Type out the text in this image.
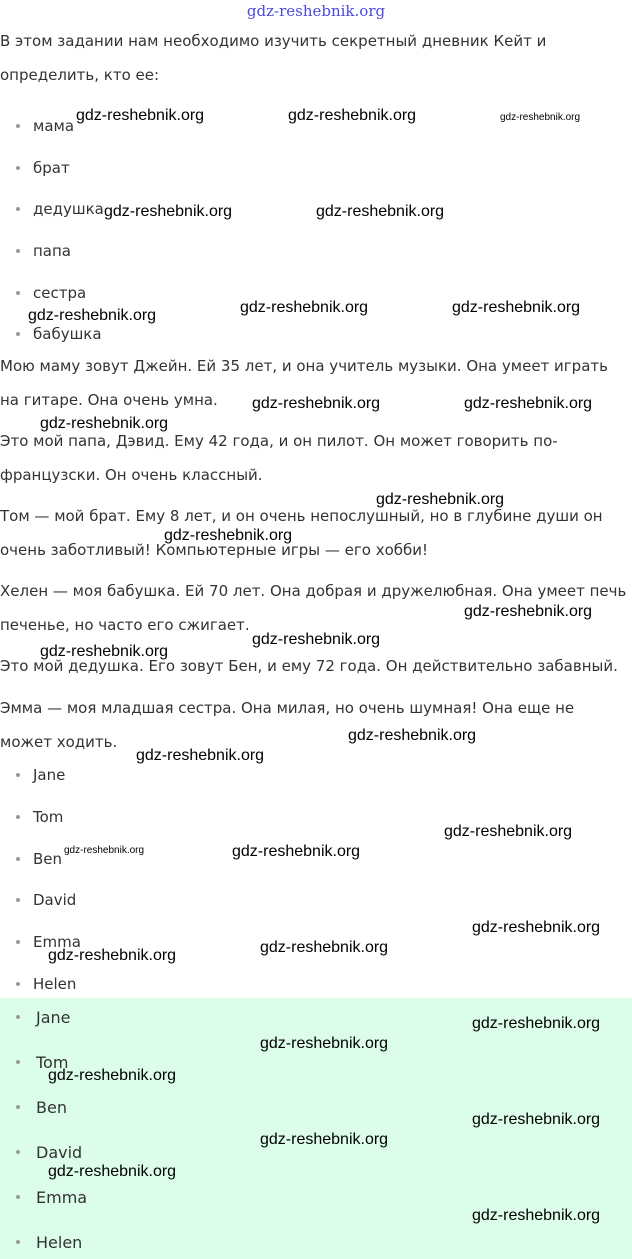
gdz-reshebnik.org

В этом задании нам необходимо изучить секретный дневник Кейт и определить, кто ее:

мама
брат
дедушка
папа
сестра
бабушка

Мою маму зовут Джейн. Ей 35 лет, и она учитель музыки. Она умеет играть на гитаре. Она очень умна.

Это мой папа, Дэвид. Ему 42 года, и он пилот. Он может говорить по-французски. Он очень классный.

Том — мой брат. Ему 8 лет, и он очень непослушный, но в глубине души он очень заботливый! Компьютерные игры — его хобби!

Хелен — моя бабушка. Ей 70 лет. Она добрая и дружелюбная. Она умеет печь печенье, но часто его сжигает.

Это мой дедушка. Его зовут Бен, и ему 72 года. Он действительно забавный.

Эмма — моя младшая сестра. Она милая, но очень шумная! Она еще не может ходить.

Jane
Tom
Ben
David
Emma
Helen
Jane
Tom
Ben
David
Emma
Helen
gdz-reshebnik.org	gdz-reshebnik.org	gdz-reshebnik.org
gdz-reshebnik.org	gdz-reshebnik.org
gdz-reshebnik.org	gdz-reshebnik.org	gdz-reshebnik.org
gdz-reshebnik.org
gdz-reshebnik.org	gdz-reshebnik.org
gdz-reshebnik.org
gdz-reshebnik.org
gdz-reshebnik.org
gdz-reshebnik.org
gdz-reshebnik.org
gdz-reshebnik.org
gdz-reshebnik.org
gdz-reshebnik.org
gdz-reshebnik.org	gdz-reshebnik.org
gdz-reshebnik.org
gdz-reshebnik.org
gdz-reshebnik.org
gdz-reshebnik.org
gdz-reshebnik.org
gdz-reshebnik.org
gdz-reshebnik.org
gdz-reshebnik.org
gdz-reshebnik.org
gdz-reshebnik.org
